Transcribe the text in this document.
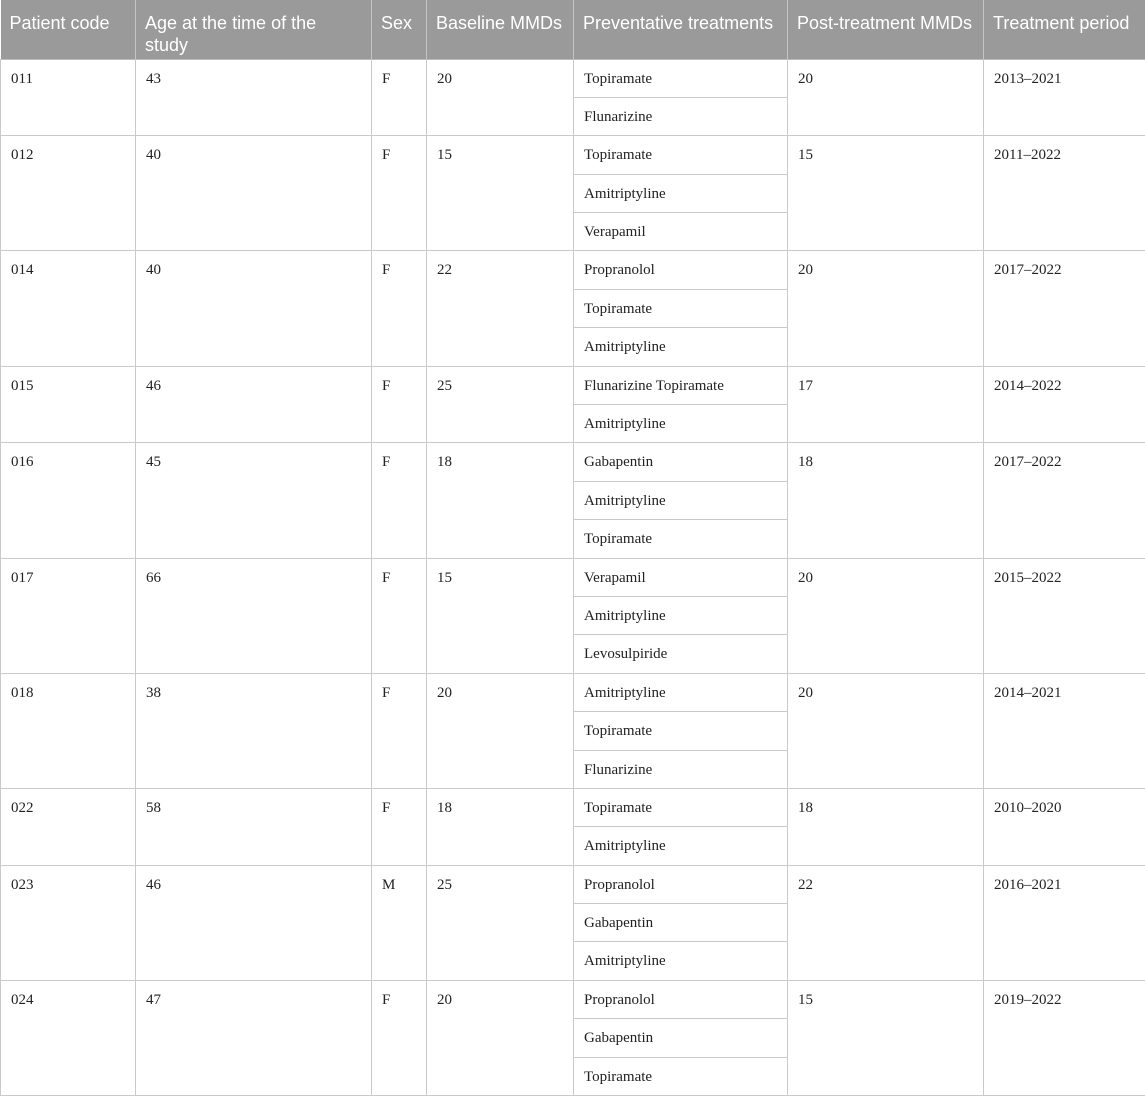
Patient code	Age at the time of the study	Sex	Baseline MMDs	Preventative treatments	Post-treatment MMDs	Treatment period
011	43	F	20	Topiramate	20	2013–2021
				Flunarizine		
012	40	F	15	Topiramate	15	2011–2022
				Amitriptyline		
				Verapamil		
014	40	F	22	Propranolol	20	2017–2022
				Topiramate		
				Amitriptyline		
015	46	F	25	Flunarizine Topiramate	17	2014–2022
				Amitriptyline		
016	45	F	18	Gabapentin	18	2017–2022
				Amitriptyline		
				Topiramate		
017	66	F	15	Verapamil	20	2015–2022
				Amitriptyline		
				Levosulpiride		
018	38	F	20	Amitriptyline	20	2014–2021
				Topiramate		
				Flunarizine		
022	58	F	18	Topiramate	18	2010–2020
				Amitriptyline		
023	46	M	25	Propranolol	22	2016–2021
				Gabapentin		
				Amitriptyline		
024	47	F	20	Propranolol	15	2019–2022
				Gabapentin		
				Topiramate		
